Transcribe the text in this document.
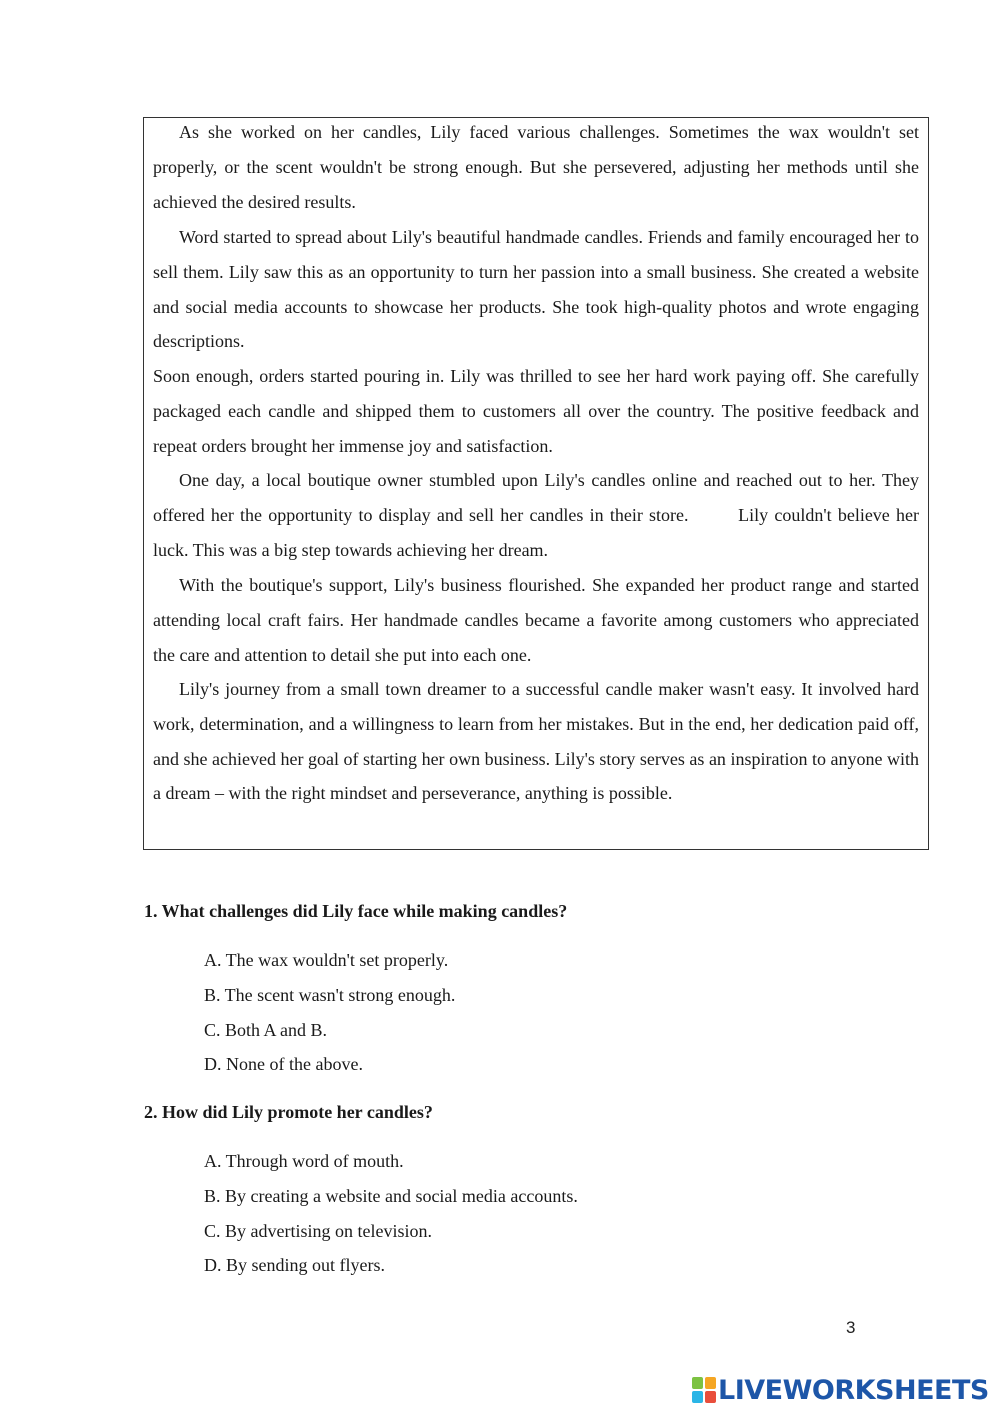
As she worked on her candles, Lily faced various challenges. Sometimes the wax wouldn't set properly, or the scent wouldn't be strong enough. But she persevered, adjusting her methods until she achieved the desired results.

Word started to spread about Lily's beautiful handmade candles. Friends and family encouraged her to sell them. Lily saw this as an opportunity to turn her passion into a small business. She created a website and social media accounts to showcase her products. She took high-quality photos and wrote engaging descriptions.

Soon enough, orders started pouring in. Lily was thrilled to see her hard work paying off. She carefully packaged each candle and shipped them to customers all over the country. The positive feedback and repeat orders brought her immense joy and satisfaction.

One day, a local boutique owner stumbled upon Lily's candles online and reached out to her. They offered her the opportunity to display and sell her candles in their store.        Lily couldn't believe her luck. This was a big step towards achieving her dream.

With the boutique's support, Lily's business flourished. She expanded her product range and started attending local craft fairs. Her handmade candles became a favorite among customers who appreciated the care and attention to detail she put into each one.

Lily's journey from a small town dreamer to a successful candle maker wasn't easy. It involved hard work, determination, and a willingness to learn from her mistakes. But in the end, her dedication paid off, and she achieved her goal of starting her own business. Lily's story serves as an inspiration to anyone with a dream – with the right mindset and perseverance, anything is possible.

1. What challenges did Lily face while making candles?

A. The wax wouldn't set properly.
B. The scent wasn't strong enough.
C. Both A and B.
D. None of the above.

2. How did Lily promote her candles?

A. Through word of mouth.
B. By creating a website and social media accounts.
C. By advertising on television.
D. By sending out flyers.
3
LIVEWORKSHEETS
